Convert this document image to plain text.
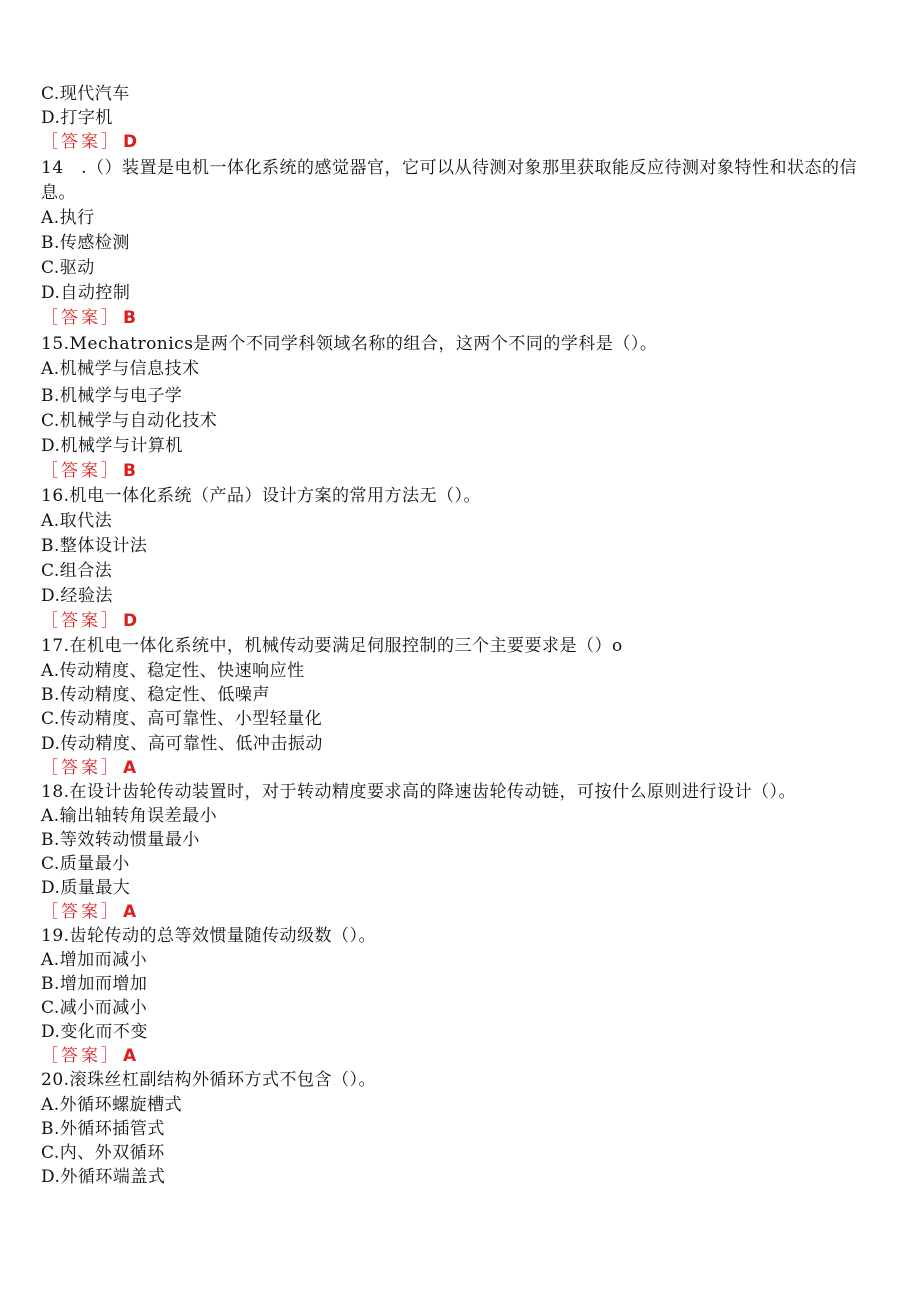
C.现代汽车
D.打字机
［答案］ D
14　.（）装置是电机一体化系统的感觉器官，它可以从待测对象那里获取能反应待测对象特性和状态的信息。
A.执行
B.传感检测
C.驱动
D.自动控制
［答案］ B
15.Mechatronics是两个不同学科领域名称的组合，这两个不同的学科是（）。
A.机械学与信息技术
B.机械学与电子学
C.机械学与自动化技术
D.机械学与计算机
［答案］ B
16.机电一体化系统（产品）设计方案的常用方法无（）。
A.取代法
B.整体设计法
C.组合法
D.经验法
［答案］ D
17.在机电一体化系统中，机械传动要满足伺服控制的三个主要要求是（）o
A.传动精度、稳定性、快速响应性
B.传动精度、稳定性、低噪声
C.传动精度、高可靠性、小型轻量化
D.传动精度、高可靠性、低冲击振动
［答案］ A
18.在设计齿轮传动装置时，对于转动精度要求高的降速齿轮传动链，可按什么原则进行设计（）。
A.输出轴转角误差最小
B.等效转动惯量最小
C.质量最小
D.质量最大
［答案］ A
19.齿轮传动的总等效惯量随传动级数（）。
A.增加而减小
B.增加而增加
C.减小而减小
D.变化而不变
［答案］ A
20.滚珠丝杠副结构外循环方式不包含（）。
A.外循环螺旋槽式
B.外循环插管式
C.内、外双循环
D.外循环端盖式
